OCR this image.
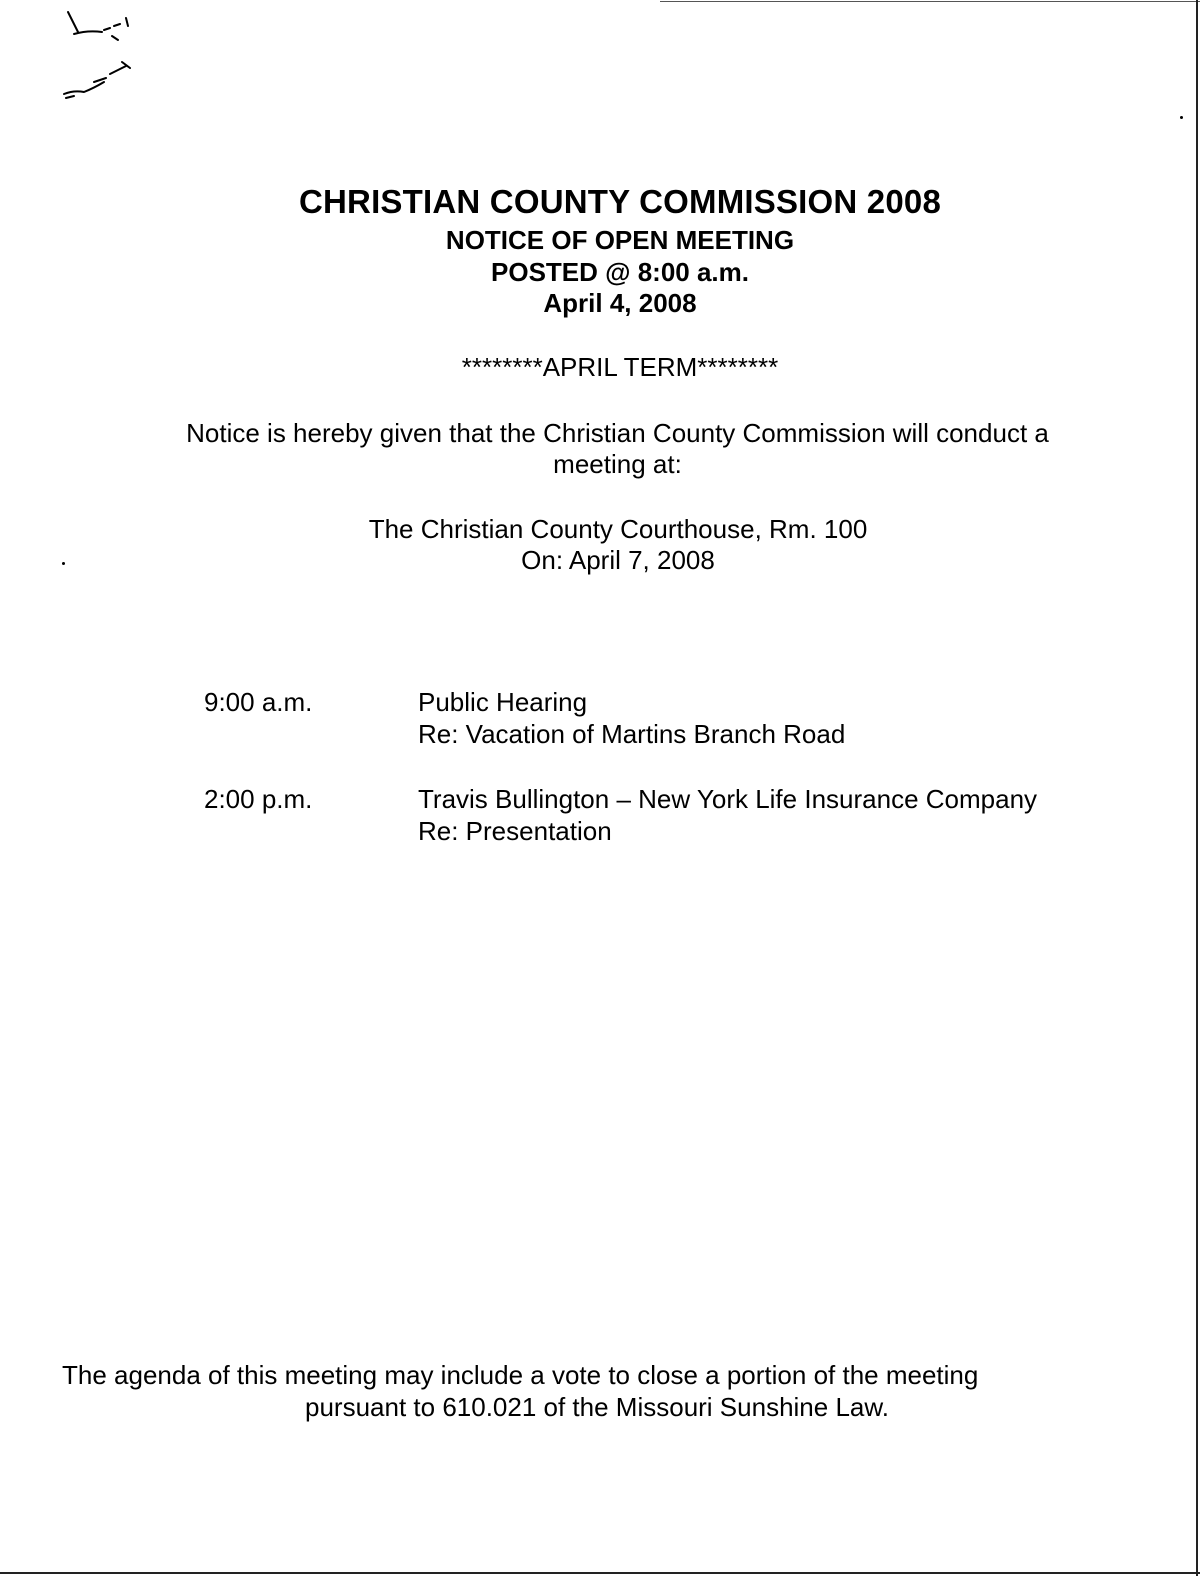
CHRISTIAN COUNTY COMMISSION 2008
NOTICE OF OPEN MEETING
POSTED @ 8:00 a.m.
April 4, 2008
********APRIL TERM********
Notice is hereby given that the Christian County Commission will conduct a
meeting at:
The Christian County Courthouse, Rm. 100
On: April 7, 2008
9:00 a.m.	Public Hearing
Re: Vacation of Martins Branch Road
2:00 p.m.	Travis Bullington – New York Life Insurance Company
Re: Presentation
The agenda of this meeting may include a vote to close a portion of the meeting
pursuant to 610.021 of the Missouri Sunshine Law.
